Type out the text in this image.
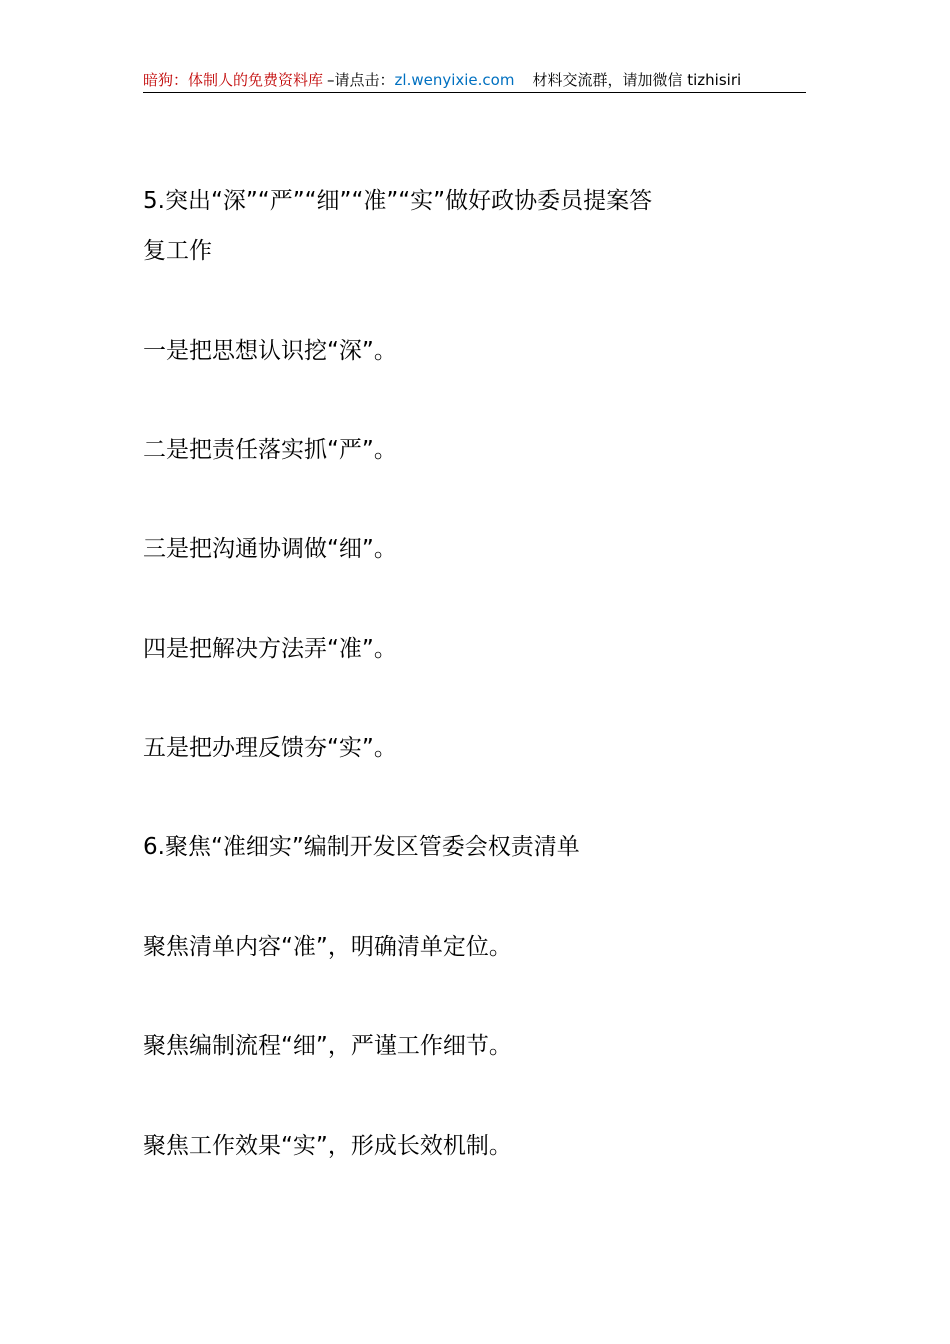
暗狗：体制人的免费资料库 –请点击：zl.wenyixie.com 材料交流群，请加微信 tizhisiri

5.突出“深”“严”“细”“准”“实”做好政协委员提案答

复工作

一是把思想认识挖“深”。

二是把责任落实抓“严”。

三是把沟通协调做“细”。

四是把解决方法弄“准”。

五是把办理反馈夯“实”。

6.聚焦“准细实”编制开发区管委会权责清单

聚焦清单内容“准”，明确清单定位。

聚焦编制流程“细”，严谨工作细节。

聚焦工作效果“实”，形成长效机制。
